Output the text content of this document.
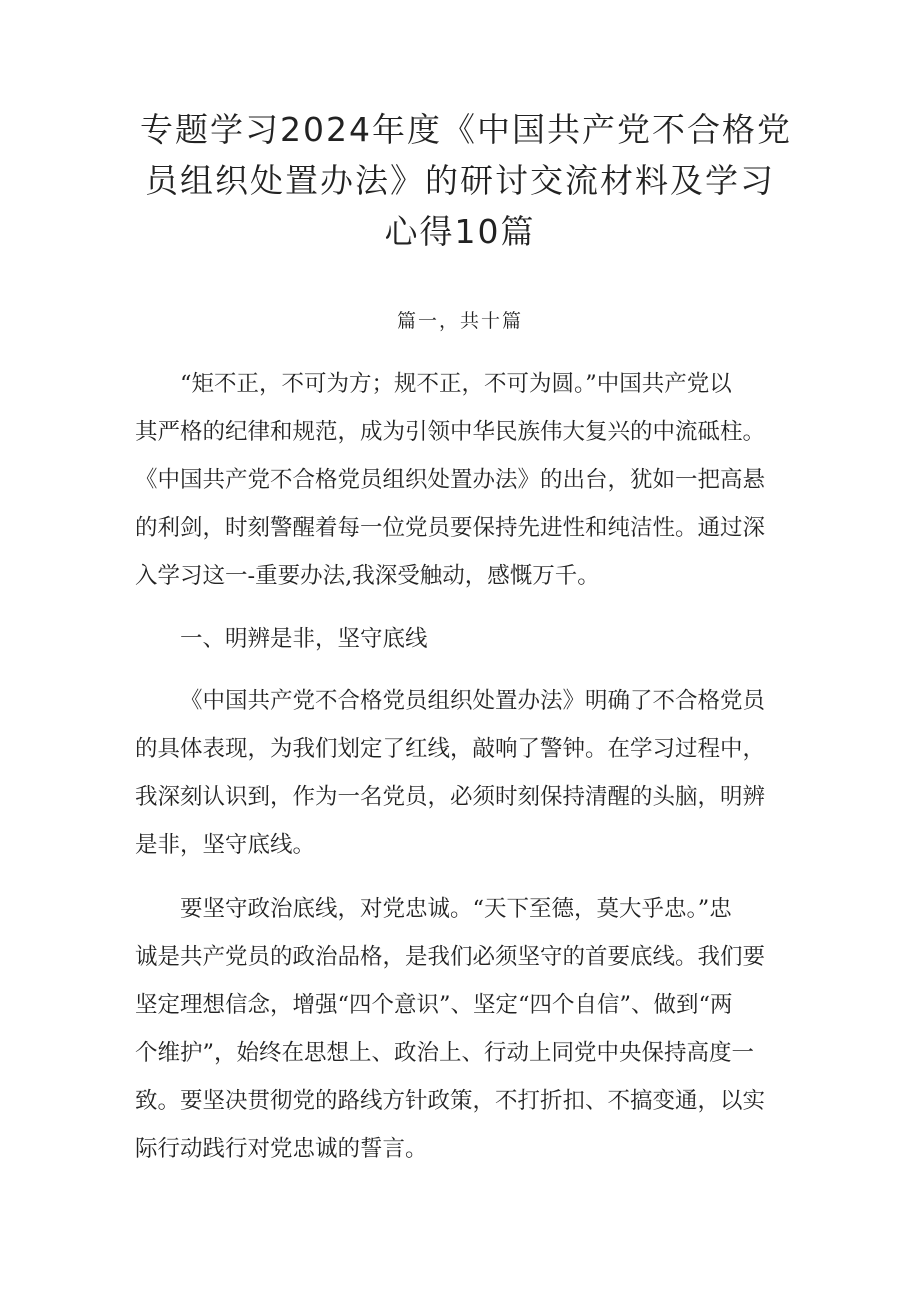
专题学习2024年度《中国共产党不合格党
员组织处置办法》的研讨交流材料及学习
心得10篇
篇一，共十篇
“矩不正，不可为方；规不正，不可为圆。”中国共产党以
其严格的纪律和规范，成为引领中华民族伟大复兴的中流砥柱。
《中国共产党不合格党员组织处置办法》的出台，犹如一把高悬
的利剑，时刻警醒着每一位党员要保持先进性和纯洁性。通过深
入学习这一-重要办法,我深受触动，感慨万千。
一、明辨是非，坚守底线
《中国共产党不合格党员组织处置办法》明确了不合格党员
的具体表现，为我们划定了红线，敲响了警钟。在学习过程中，
我深刻认识到，作为一名党员，必须时刻保持清醒的头脑，明辨
是非，坚守底线。
要坚守政治底线，对党忠诚。“天下至德，莫大乎忠。”忠
诚是共产党员的政治品格，是我们必须坚守的首要底线。我们要
坚定理想信念，增强“四个意识”、坚定“四个自信”、做到“两
个维护”，始终在思想上、政治上、行动上同党中央保持高度一
致。要坚决贯彻党的路线方针政策，不打折扣、不搞变通，以实
际行动践行对党忠诚的誓言。
